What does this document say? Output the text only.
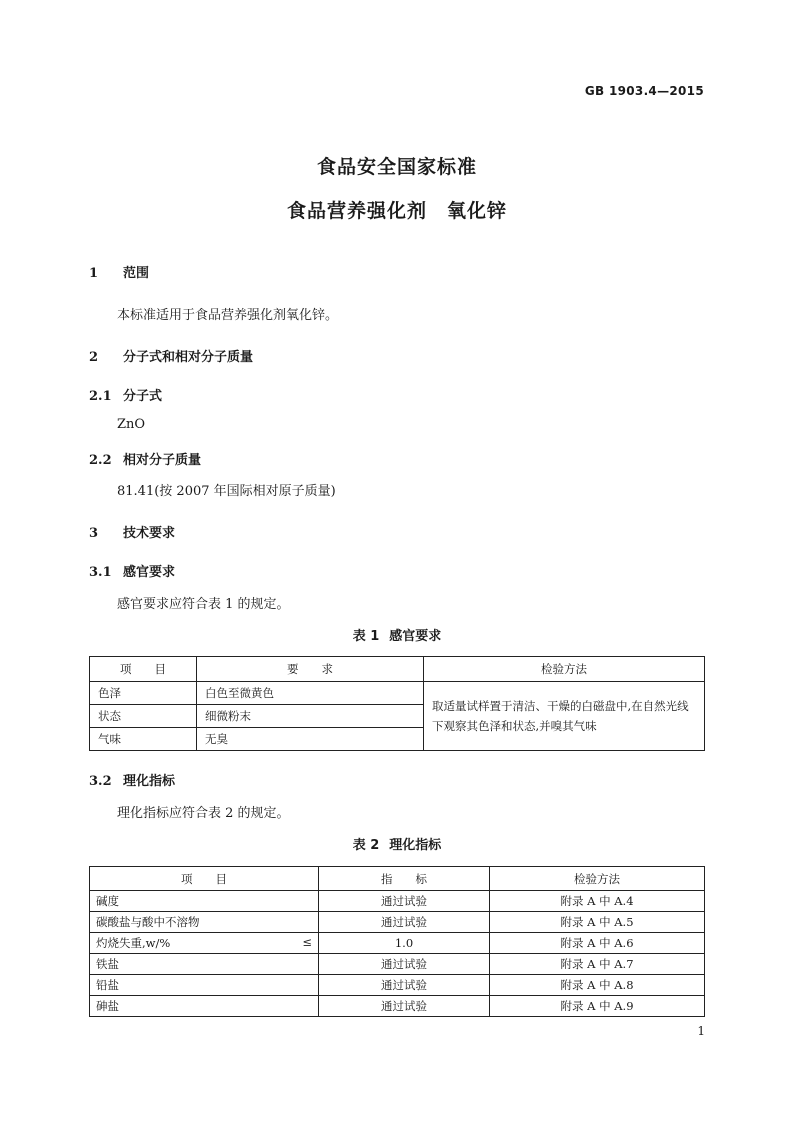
GB 1903.4—2015
食品安全国家标准
食品营养强化剂　氧化锌
1 范围
本标准适用于食品营养强化剂氧化锌。
2 分子式和相对分子质量
2.1 分子式
ZnO
2.2 相对分子质量
81.41(按 2007 年国际相对原子质量)
3 技术要求
3.1 感官要求
感官要求应符合表 1 的规定。
表 1 感官要求
项　　目	要　　求	检验方法
色泽	白色至微黄色	取适量试样置于清洁、干燥的白磁盘中,在自然光线下观察其色泽和状态,并嗅其气味
状态	细微粉末	
气味	无臭	
3.2 理化指标
理化指标应符合表 2 的规定。
表 2 理化指标
项　　目	指　　标	检验方法

碱度	通过试验	附录 A 中 A.4

碳酸盐与酸中不溶物	通过试验	附录 A 中 A.5

灼烧失重,w/% ≤	1.0	附录 A 中 A.6

铁盐	通过试验	附录 A 中 A.7

铅盐	通过试验	附录 A 中 A.8

砷盐	通过试验	附录 A 中 A.9
1
